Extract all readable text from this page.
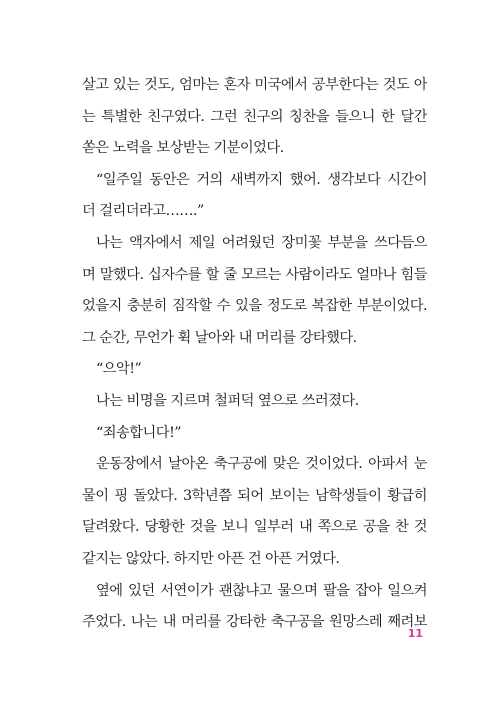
살고 있는 것도, 엄마는 혼자 미국에서 공부한다는 것도 아
는 특별한 친구였다. 그런 친구의 칭찬을 들으니 한 달간
쏟은 노력을 보상받는 기분이었다.
“일주일 동안은 거의 새벽까지 했어. 생각보다 시간이
더 걸리더라고…….”
나는 액자에서 제일 어려웠던 장미꽃 부분을 쓰다듬으
며 말했다. 십자수를 할 줄 모르는 사람이라도 얼마나 힘들
었을지 충분히 짐작할 수 있을 정도로 복잡한 부분이었다.
그 순간, 무언가 휙 날아와 내 머리를 강타했다.
“으악!”
나는 비명을 지르며 철퍼덕 옆으로 쓰러졌다.
“죄송합니다!”
운동장에서 날아온 축구공에 맞은 것이었다. 아파서 눈
물이 핑 돌았다. 3학년쯤 되어 보이는 남학생들이 황급히
달려왔다. 당황한 것을 보니 일부러 내 쪽으로 공을 찬 것
같지는 않았다. 하지만 아픈 건 아픈 거였다.
옆에 있던 서연이가 괜찮냐고 물으며 팔을 잡아 일으켜
주었다. 나는 내 머리를 강타한 축구공을 원망스레 째려보
11
